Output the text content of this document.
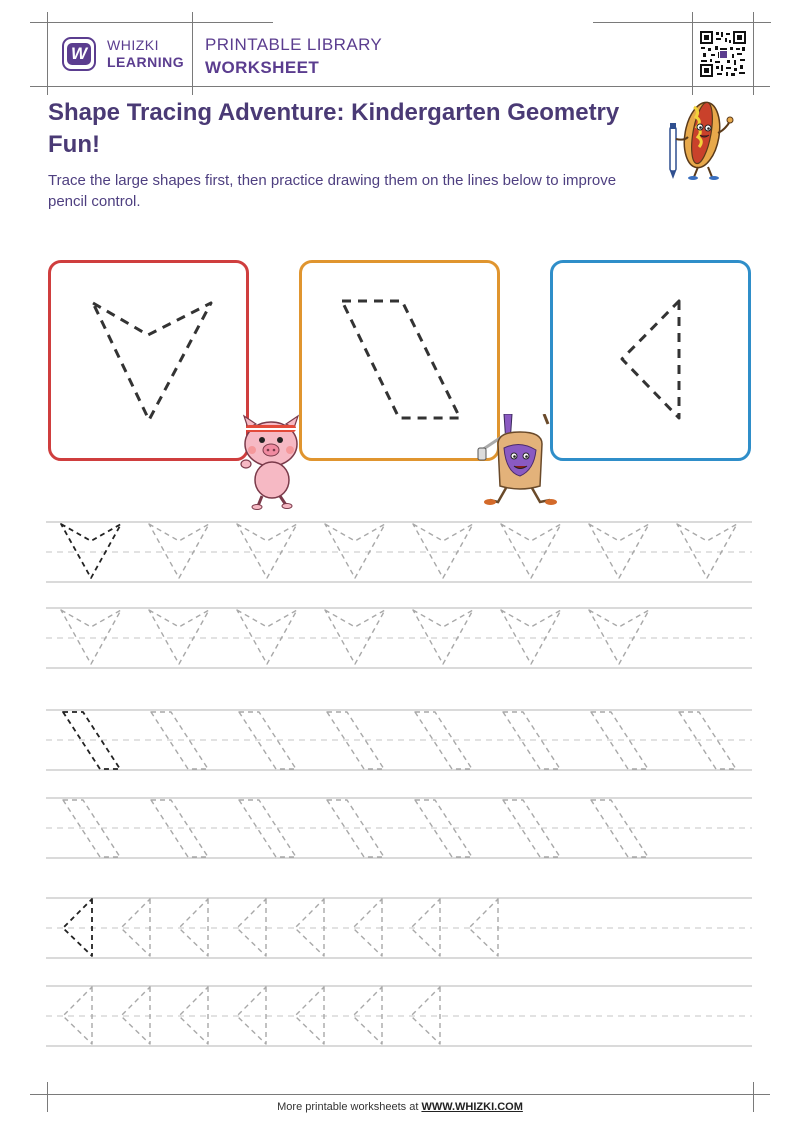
W WHIZKI
LEARNING
PRINTABLE LIBRARY
WORKSHEET
Shape Tracing Adventure: Kindergarten Geometry Fun!
Trace the large shapes first, then practice drawing them on the lines below to improve pencil control.
More printable worksheets at WWW.WHIZKI.COM
